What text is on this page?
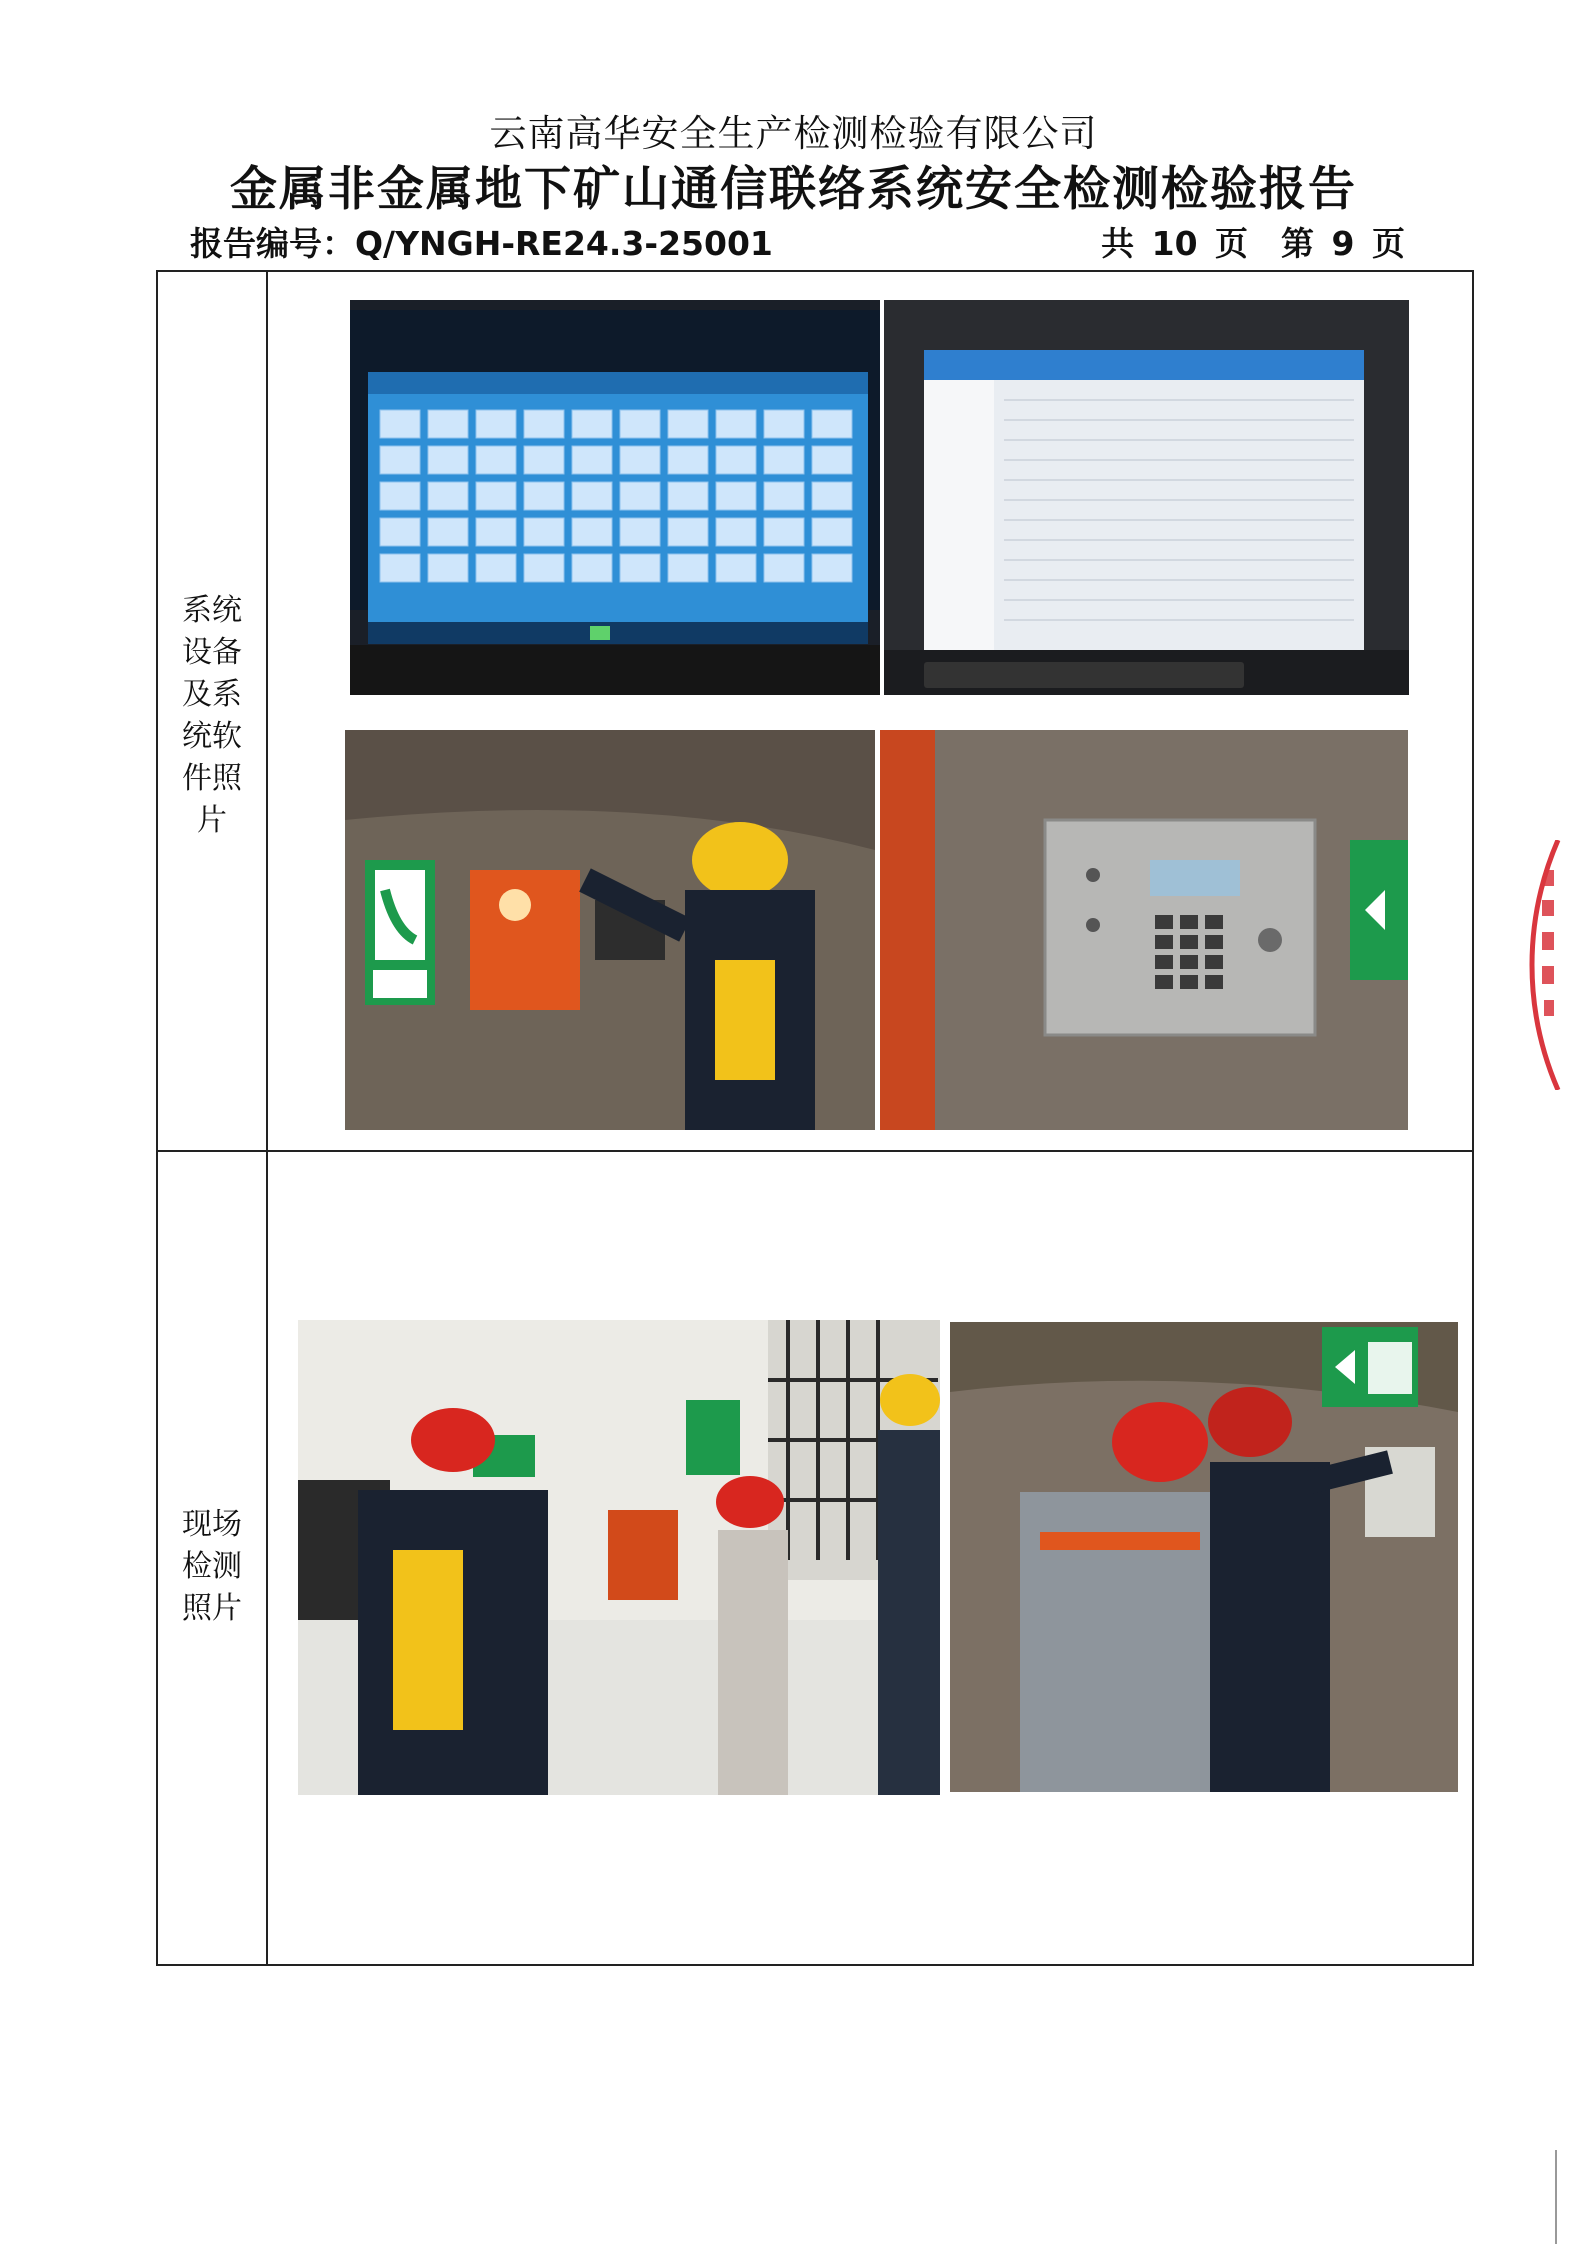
云南高华安全生产检测检验有限公司
金属非金属地下矿山通信联络系统安全检测检验报告
报告编号：Q/YNGH-RE24.3-25001	共 10 页　第 9 页
系统设备及系统软件照片
现场检测照片
